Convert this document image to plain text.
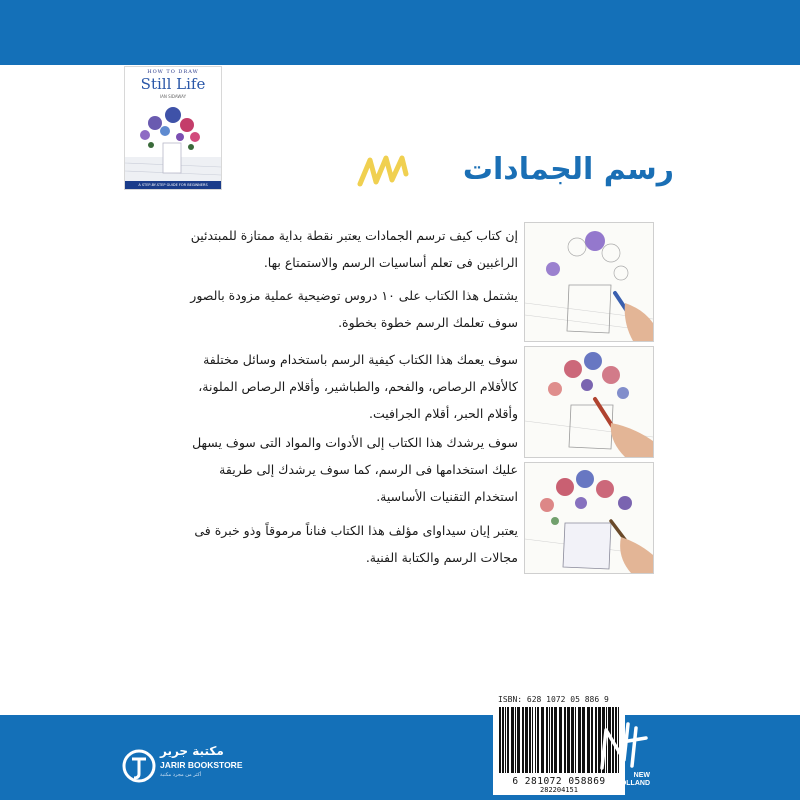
HOW TO DRAW
Still Life
IAN SIDAWAY
A STEP-BY-STEP GUIDE FOR BEGINNERS	رسم الجمادات
إن كتاب كيف ترسم الجمادات يعتبر نقطة بداية ممتازة للمبتدئين الراغبين فى تعلم أساسيات الرسم والاستمتاع بها.
يشتمل هذا الكتاب على ١٠ دروس توضيحية عملية مزودة بالصور سوف تعلمك الرسم خطوة بخطوة.
سوف يعمك هذا الكتاب كيفية الرسم باستخدام وسائل مختلفة كالأقلام الرصاص، والفحم، والطباشير، وأقلام الرصاص الملونة، وأقلام الحبر، أقلام الجرافيت.
سوف يرشدك هذا الكتاب إلى الأدوات والمواد التى سوف يسهل عليك استخدامها فى الرسم، كما سوف يرشدك إلى طريقة استخدام التقنيات الأساسية.
يعتبر إيان سيداواى مؤلف هذا الكتاب فناناً مرموقاً وذو خبرة فى مجالات الرسم والكتابة الفنية.
ISBN: 628 1072 05 886 9
6 281072 058869
282204151
مكتبة جرير
JARIR BOOKSTORE
أكثر من مجرد مكتبة	NEW
HOLLAND
